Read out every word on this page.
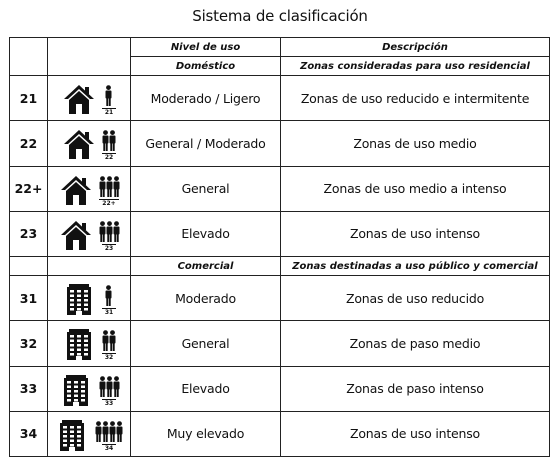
Sistema de clasificación
		Nivel de uso	Descripción
		Doméstico	Zonas consideradas para uso residencial
21	21	Moderado / Ligero	Zonas de uso reducido e intermitente
22	22	General / Moderado	Zonas de uso medio
22+	22+	General	Zonas de uso medio a intenso
23	23	Elevado	Zonas de uso intenso
		Comercial	Zonas destinadas a uso público y comercial
31	31	Moderado	Zonas de uso reducido
32	32	General	Zonas de paso medio
33	33	Elevado	Zonas de paso intenso
34	34	Muy elevado	Zonas de uso intenso
